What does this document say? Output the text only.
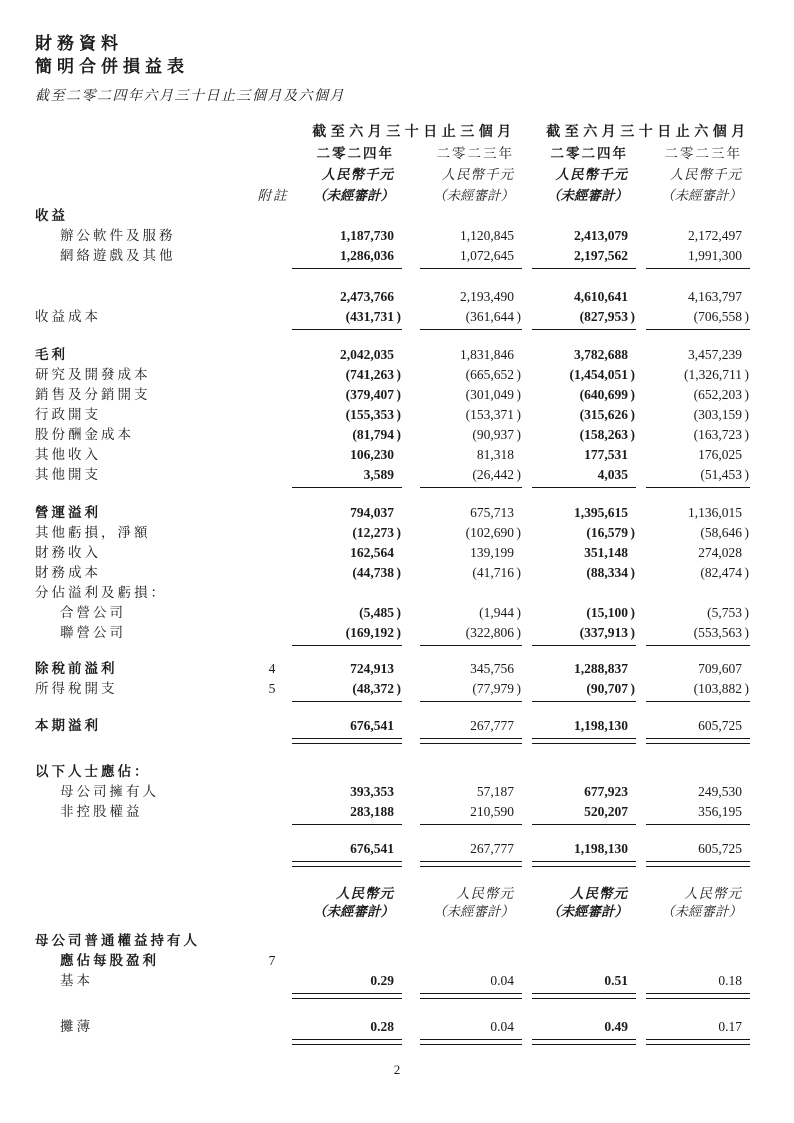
財務資料
簡明合併損益表

截至二零二四年六月三十日止三個月及六個月

截至六月三十日止三個月	截至六月三十日止六個月
二零二四年	二零二三年	二零二四年	二零二三年
人民幣千元	人民幣千元	人民幣千元	人民幣千元
附註	（未經審計）	（未經審計）	（未經審計）	（未經審計）
收益
辦公軟件及服務	1,187,730	1,120,845	2,413,079	2,172,497
網絡遊戲及其他	1,286,036	1,072,645	2,197,562	1,991,300
2,473,766	2,193,490	4,610,641	4,163,797
收益成本	(431,731 )	(361,644 )	(827,953 )	(706,558 )
毛利	2,042,035	1,831,846	3,782,688	3,457,239
研究及開發成本	(741,263 )	(665,652 )	(1,454,051 )	(1,326,711 )
銷售及分銷開支	(379,407 )	(301,049 )	(640,699 )	(652,203 )
行政開支	(155,353 )	(153,371 )	(315,626 )	(303,159 )
股份酬金成本	(81,794 )	(90,937 )	(158,263 )	(163,723 )
其他收入	106,230	81,318	177,531	176,025
其他開支	3,589	(26,442 )	4,035	(51,453 )
營運溢利	794,037	675,713	1,395,615	1,136,015
其他虧損，淨額	(12,273 )	(102,690 )	(16,579 )	(58,646 )
財務收入	162,564	139,199	351,148	274,028
財務成本	(44,738 )	(41,716 )	(88,334 )	(82,474 )
分佔溢利及虧損：
合營公司	(5,485 )	(1,944 )	(15,100 )	(5,753 )
聯營公司	(169,192 )	(322,806 )	(337,913 )	(553,563 )
除稅前溢利	4	724,913	345,756	1,288,837	709,607
所得稅開支	5	(48,372 )	(77,979 )	(90,707 )	(103,882 )
本期溢利	676,541	267,777	1,198,130	605,725
以下人士應佔：
母公司擁有人	393,353	57,187	677,923	249,530
非控股權益	283,188	210,590	520,207	356,195
676,541	267,777	1,198,130	605,725
人民幣元	人民幣元	人民幣元	人民幣元
（未經審計）	（未經審計）	（未經審計）	（未經審計）
母公司普通權益持有人
應佔每股盈利	7
基本	0.29	0.04	0.51	0.18
攤薄	0.28	0.04	0.49	0.17
2
